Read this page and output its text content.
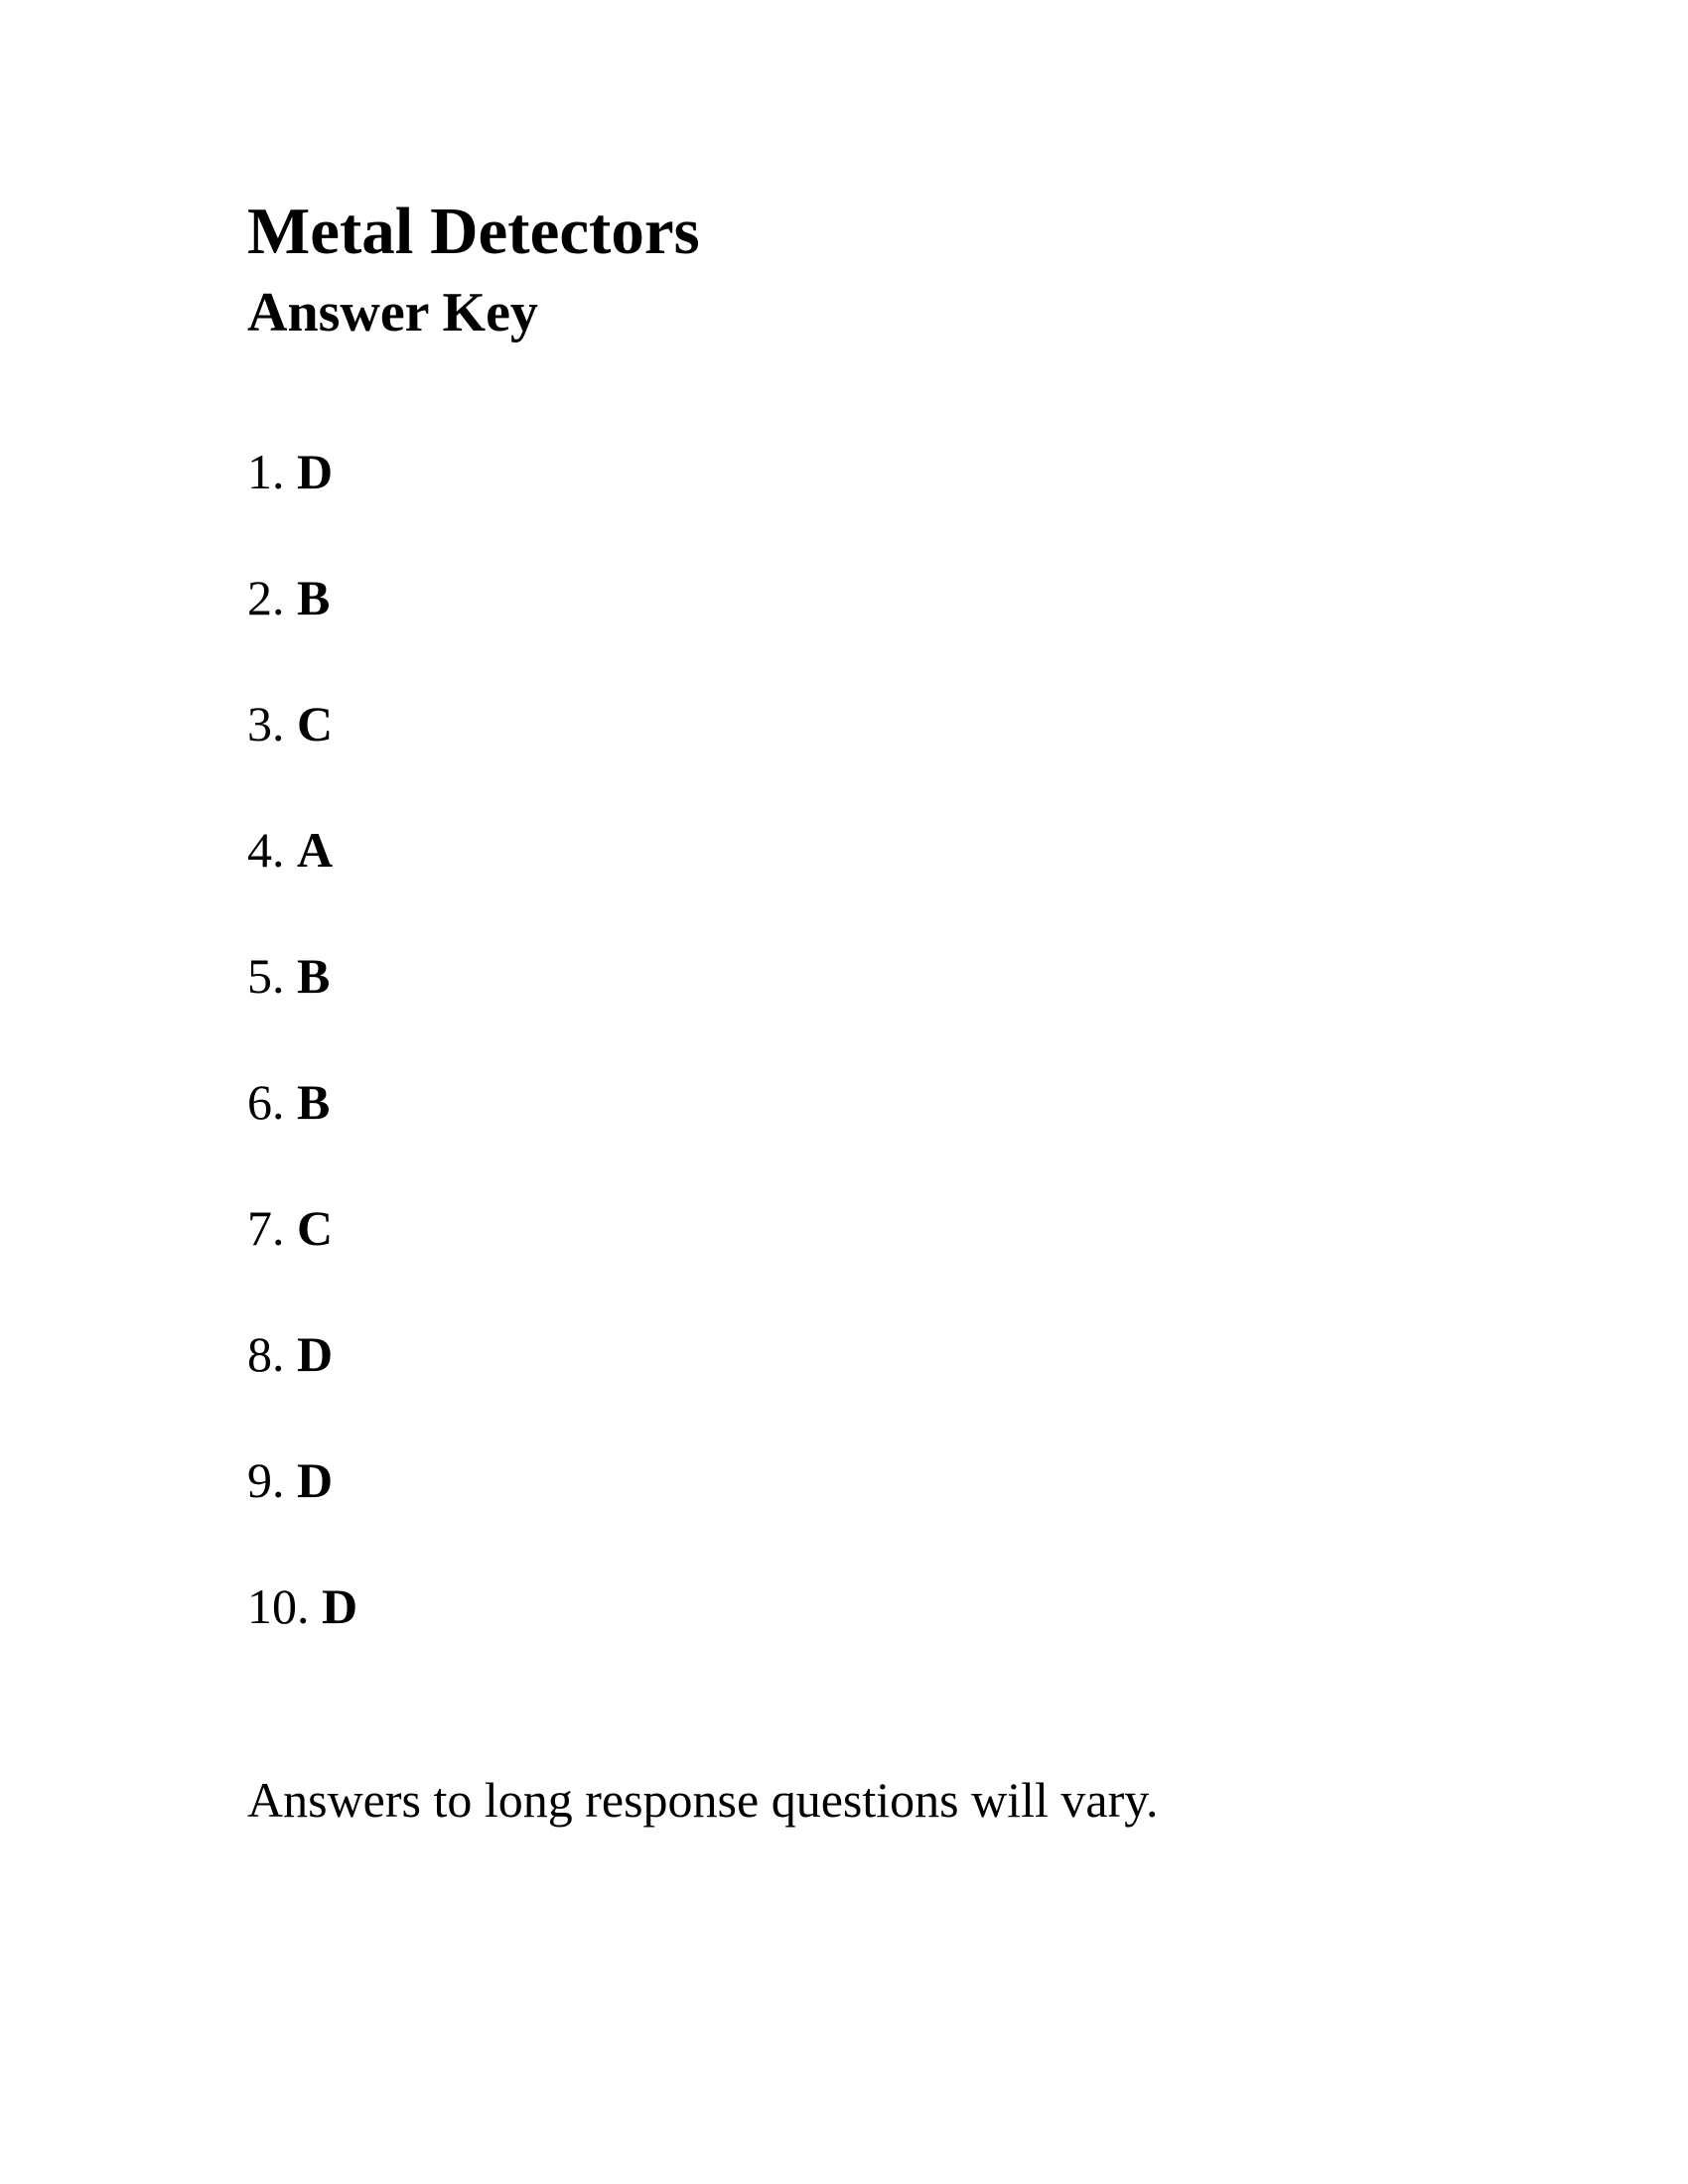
Metal Detectors
Answer Key
1. D
2. B
3. C
4. A
5. B
6. B
7. C
8. D
9. D
10. D

Answers to long response questions will vary.
